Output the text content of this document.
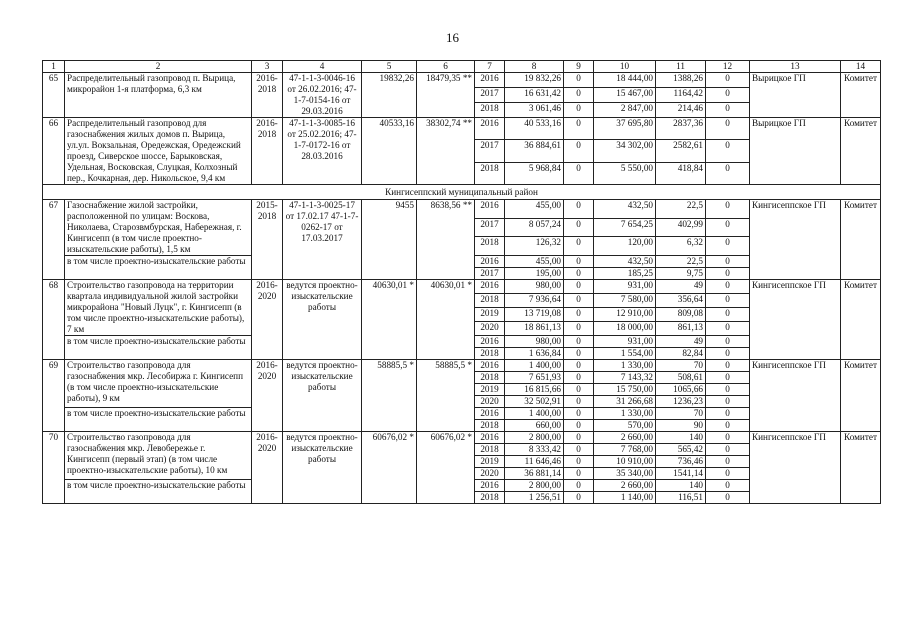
16
1	2	3	4	5	6	7	8	9	10	11	12	13	14
65	Распределительный газопровод п. Вырица, микрорайон 1-я платформа, 6,3 км	2016-2018	47-1-1-3-0046-16 от 26.02.2016; 47-1-7-0154-16 от 29.03.2016	19832,26	18479,35 **	2016	19 832,26	0	18 444,00	1388,26	0	Вырицкое ГП	Комитет
						2017	16 631,42	0	15 467,00	1164,42	0		
						2018	3 061,46	0	2 847,00	214,46	0		
66	Распределительный газопровод для газоснабжения жилых домов п. Вырица, ул.ул. Вокзальная, Оредежская, Оредежский проезд, Сиверское шоссе, Барыковская, Удельная, Восковская, Слуцкая, Колхозный пер., Кочкарная, дер. Никольское, 9,4 км	2016-2018	47-1-1-3-0085-16 от 25.02.2016; 47-1-7-0172-16 от 28.03.2016	40533,16	38302,74 **	2016	40 533,16	0	37 695,80	2837,36	0	Вырицкое ГП	Комитет
						2017	36 884,61	0	34 302,00	2582,61	0		
						2018	5 968,84	0	5 550,00	418,84	0		
Кингисеппский муниципальный район													
67	Газоснабжение жилой застройки, расположенной по улицам: Воскова, Николаева, Старозвмбурская, Набережная, г. Кингисепп (в том числе проектно-изыскательские работы), 1,5 км	2015-2018	47-1-1-3-0025-17 от 17.02.17 47-1-7-0262-17 от 17.03.2017	9455	8638,56 **	2016	455,00	0	432,50	22,5	0	Кингисеппское ГП	Комитет
						2017	8 057,24	0	7 654,25	402,99	0		
						2018	126,32	0	120,00	6,32	0		
	в том числе проектно-изыскательские работы					2016	455,00	0	432,50	22,5	0		
						2017	195,00	0	185,25	9,75	0		
68	Строительство газопровода на территории квартала индивидуальной жилой застройки микрорайона "Новый Луцк", г. Кингисепп (в том числе проектно-изыскательские работы), 7 км	2016-2020	ведутся проектно-изыскательские работы	40630,01 *	40630,01 *	2016	980,00	0	931,00	49	0	Кингисеппское ГП	Комитет
						2018	7 936,64	0	7 580,00	356,64	0		
						2019	13 719,08	0	12 910,00	809,08	0		
						2020	18 861,13	0	18 000,00	861,13	0		
	в том числе проектно-изыскательские работы					2016	980,00	0	931,00	49	0		
						2018	1 636,84	0	1 554,00	82,84	0		
69	Строительство газопровода для газоснабжения мкр. Лесобиржа г. Кингисепп (в том числе проектно-изыскательские работы), 9 км	2016-2020	ведутся проектно-изыскательские работы	58885,5 *	58885,5 *	2016	1 400,00	0	1 330,00	70	0	Кингисеппское ГП	Комитет
						2018	7 651,93	0	7 143,32	508,61	0		
						2019	16 815,66	0	15 750,00	1065,66	0		
						2020	32 502,91	0	31 266,68	1236,23	0		
	в том числе проектно-изыскательские работы					2016	1 400,00	0	1 330,00	70	0		
						2018	660,00	0	570,00	90	0		
70	Строительство газопровода для газоснабжения мкр. Левобережье г. Кингисепп (первый этап) (в том числе проектно-изыскательские работы), 10 км	2016-2020	ведутся проектно-изыскательские работы	60676,02 *	60676,02 *	2016	2 800,00	0	2 660,00	140	0	Кингисеппское ГП	Комитет
						2018	8 333,42	0	7 768,00	565,42	0		
						2019	11 646,46	0	10 910,00	736,46	0		
						2020	36 881,14	0	35 340,00	1541,14	0		
	в том числе проектно-изыскательские работы					2016	2 800,00	0	2 660,00	140	0		
						2018	1 256,51	0	1 140,00	116,51	0		
